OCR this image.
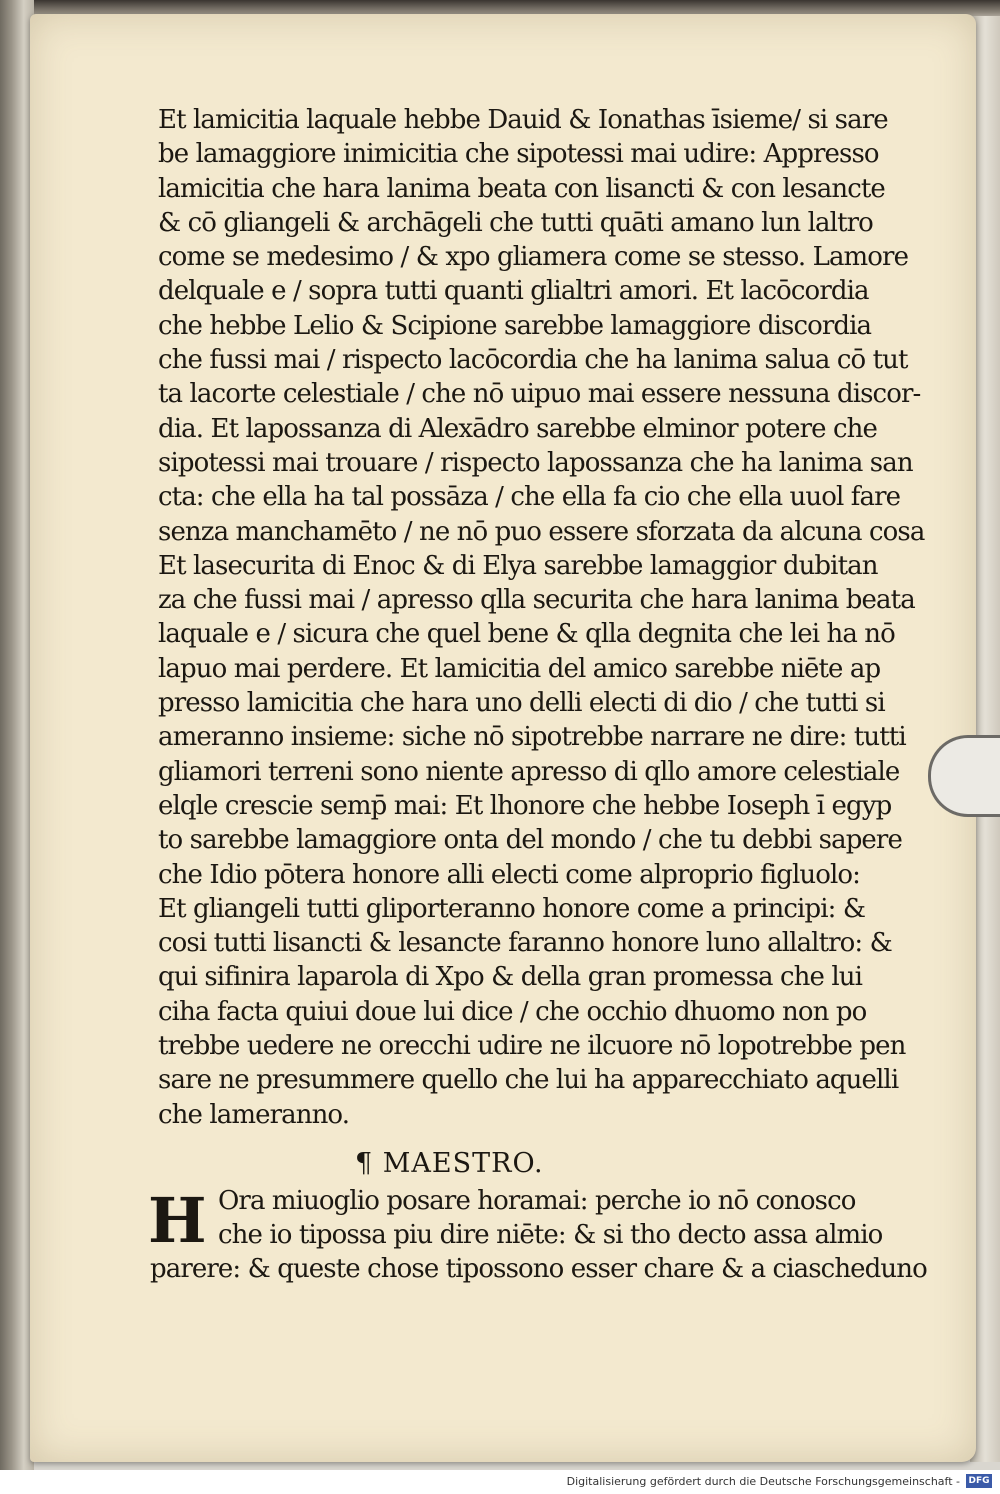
Et lamicitia laquale hebbe Dauid & Ionathas īsieme/ si sare
be lamaggiore inimicitia che sipotessi mai udire: Appresso
lamicitia che hara lanima beata con lisancti & con lesancte
& cō gliangeli & archāgeli che tutti quāti amano lun laltro
come se medesimo / & xpo gliamera come se stesso. Lamore
delquale e / sopra tutti quanti glialtri amori. Et lacōcordia
che hebbe Lelio & Scipione sarebbe lamaggiore discordia
che fussi mai / rispecto lacōcordia che ha lanima salua cō tut
ta lacorte celestiale / che nō uipuo mai essere nessuna discor-
dia. Et lapossanza di Alexādro sarebbe elminor potere che
sipotessi mai trouare / rispecto lapossanza che ha lanima san
cta: che ella ha tal possāza / che ella fa cio che ella uuol fare
senza manchamēto / ne nō puo essere sforzata da alcuna cosa
Et lasecurita di Enoc & di Elya sarebbe lamaggior dubitan
za che fussi mai / apresso qlla securita che hara lanima beata
laquale e / sicura che quel bene & qlla degnita che lei ha nō
lapuo mai perdere. Et lamicitia del amico sarebbe niēte ap
presso lamicitia che hara uno delli electi di dio / che tutti si
ameranno insieme: siche nō sipotrebbe narrare ne dire: tutti
gliamori terreni sono niente apresso di qllo amore celestiale
elqle crescie semp̄ mai: Et lhonore che hebbe Ioseph ī egyp
to sarebbe lamaggiore onta del mondo / che tu debbi sapere
che Idio pōtera honore alli electi come alproprio figluolo:
Et gliangeli tutti gliporteranno honore come a principi: &
cosi tutti lisancti & lesancte faranno honore luno allaltro: &
qui sifinira laparola di Xpo & della gran promessa che lui
ciha facta quiui doue lui dice / che occhio dhuomo non po
trebbe uedere ne orecchi udire ne ilcuore nō lopotrebbe pen
sare ne presummere quello che lui ha apparecchiato aquelli
che lameranno.
¶ MAESTRO.
H Ora miuoglio posare horamai: perche io nō conosco
che io tipossa piu dire niēte: & si tho decto assa almio
parere: & queste chose tipossono esser chare & a ciascheduno
Digitalisierung gefördert durch die Deutsche Forschungsgemeinschaft - DFG
